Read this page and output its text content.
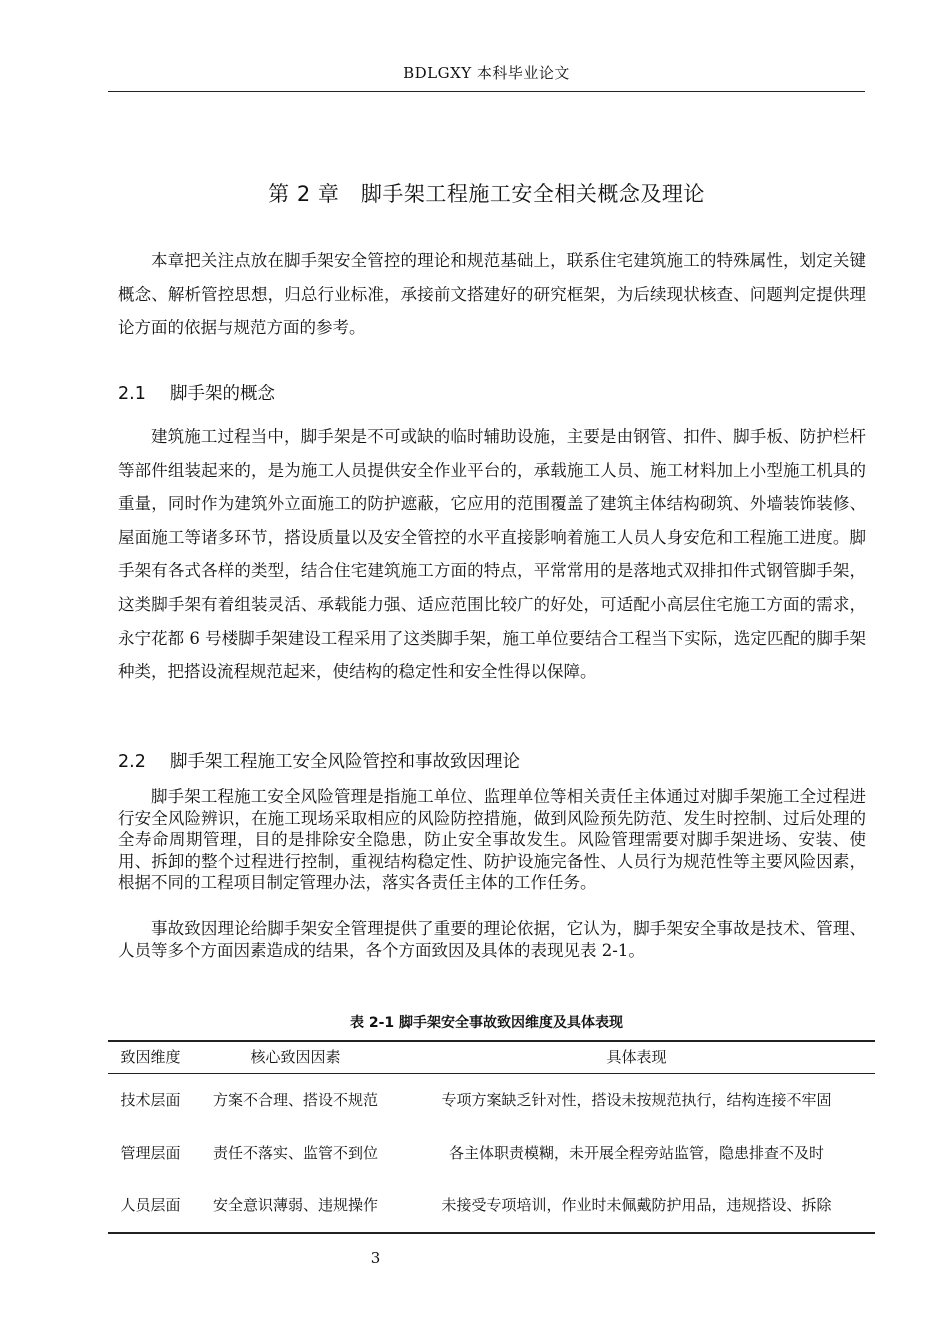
BDLGXY 本科毕业论文
第 2 章　脚手架工程施工安全相关概念及理论

本章把关注点放在脚手架安全管控的理论和规范基础上，联系住宅建筑施工的特殊属性，划定关键概念、解析管控思想，归总行业标准，承接前文搭建好的研究框架，为后续现状核查、问题判定提供理论方面的依据与规范方面的参考。

2.1 脚手架的概念

建筑施工过程当中，脚手架是不可或缺的临时辅助设施，主要是由钢管、扣件、脚手板、防护栏杆等部件组装起来的，是为施工人员提供安全作业平台的，承载施工人员、施工材料加上小型施工机具的重量，同时作为建筑外立面施工的防护遮蔽，它应用的范围覆盖了建筑主体结构砌筑、外墙装饰装修、屋面施工等诸多环节，搭设质量以及安全管控的水平直接影响着施工人员人身安危和工程施工进度。脚手架有各式各样的类型，结合住宅建筑施工方面的特点，平常常用的是落地式双排扣件式钢管脚手架，这类脚手架有着组装灵活、承载能力强、适应范围比较广的好处，可适配小高层住宅施工方面的需求，永宁花都 6 号楼脚手架建设工程采用了这类脚手架，施工单位要结合工程当下实际，选定匹配的脚手架种类，把搭设流程规范起来，使结构的稳定性和安全性得以保障。

2.2 脚手架工程施工安全风险管控和事故致因理论

脚手架工程施工安全风险管理是指施工单位、监理单位等相关责任主体通过对脚手架施工全过程进行安全风险辨识，在施工现场采取相应的风险防控措施，做到风险预先防范、发生时控制、过后处理的全寿命周期管理，目的是排除安全隐患，防止安全事故发生。风险管理需要对脚手架进场、安装、使用、拆卸的整个过程进行控制，重视结构稳定性、防护设施完备性、人员行为规范性等主要风险因素，根据不同的工程项目制定管理办法，落实各责任主体的工作任务。

事故致因理论给脚手架安全管理提供了重要的理论依据，它认为，脚手架安全事故是技术、管理、人员等多个方面因素造成的结果，各个方面致因及具体的表现见表 2-1。

表 2-1 脚手架安全事故致因维度及具体表现
致因维度	核心致因因素	具体表现
技术层面	方案不合理、搭设不规范	专项方案缺乏针对性，搭设未按规范执行，结构连接不牢固
管理层面	责任不落实、监管不到位	各主体职责模糊，未开展全程旁站监管，隐患排查不及时
人员层面	安全意识薄弱、违规操作	未接受专项培训，作业时未佩戴防护用品，违规搭设、拆除
3
